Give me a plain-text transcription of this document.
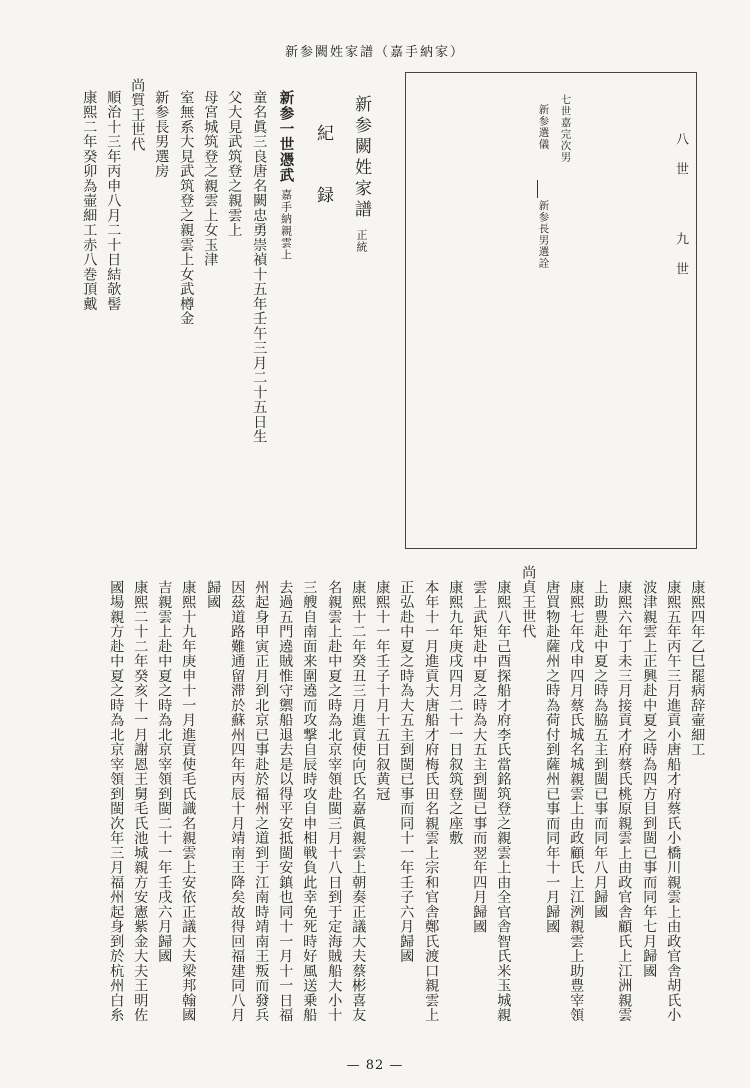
新参闕姓家譜（嘉手納家）
八　世
九　世
七世嘉完次男
新参選儀
新参長男選詮
新参闕姓家譜正統
紀　録
新参一世憑武嘉手納親雲上
童名眞三良唐名闕忠勇崇禎十五年壬午三月二十五日生
父大見武筑登之親雲上
母宮城筑登之親雲上女玉津
室無系大見武筑登之親雲上女武樽金
新参長男選房
尚質王世代
順治十三年丙申八月二十日結欹髻
康熙二年癸卯為壷細工赤八巻頂戴
康熙四年乙巳罷病辞壷細工
康熙五年丙午三月進貢小唐船才府蔡氏小橋川親雲上由政官舎胡氏小
波津親雲上正興赴中夏之時為四方目到閩已事而同年七月歸國
康熙六年丁未三月接貢才府蔡氏桃原親雲上由政官舎顧氏上江洲親雲
上助豊赴中夏之時為脇五主到閩已事而同年八月歸國
康熙七年戊申四月蔡氏城名城親雲上由政顧氏上江洌親雲上助豊宰領
唐買物赴薩州之時為荷付到薩州已事而同年十一月歸國
尚貞王世代
康熙八年己酉探船才府李氏當銘筑登之親雲上由全官舎智氏米玉城親
雲上武矩赴中夏之時為大五主到閩已事而翌年四月歸國
康熙九年庚戌四月二十一日叙筑登之座敷
本年十一月進貢大唐船才府梅氏田名親雲上宗和官舎鄭氏渡口親雲上
正弘赴中夏之時為大五主到閩已事而同十一年壬子六月歸國
康熙十一年壬子十月十五日叙黄冠
康熙十二年癸丑三月進貢使向氏名嘉眞親雲上朝奏正議大夫蔡彬喜友
名親雲上赴中夏之時為北京宰領赴閩三月十八日到于定海賊船大小十
三艘自南面来圍遶而攻撃自辰時攻自申相戦負此幸免死時好風送乗船
去過五門遶賊惟守禦船退去是以得平安抵閩安鎮也同十一月十一日福
州起身甲寅正月到北京已事赴於福州之道到于江南時靖南王叛而發兵
因茲道路難通留滞於蘇州四年丙辰十月靖南王降矣故得回福建同八月
歸國
康熙十九年庚申十一月進貢使毛氏識名親雲上安依正議大夫梁邦翰國
吉親雲上赴中夏之時為北京宰領到閩二十一年壬戌六月歸國
康熙二十二年癸亥十一月謝恩王舅毛氏池城親方安憲紫金大夫王明佐
國場親方赴中夏之時為北京宰領到閩次年三月福州起身到於杭州白糸
— 82 —
